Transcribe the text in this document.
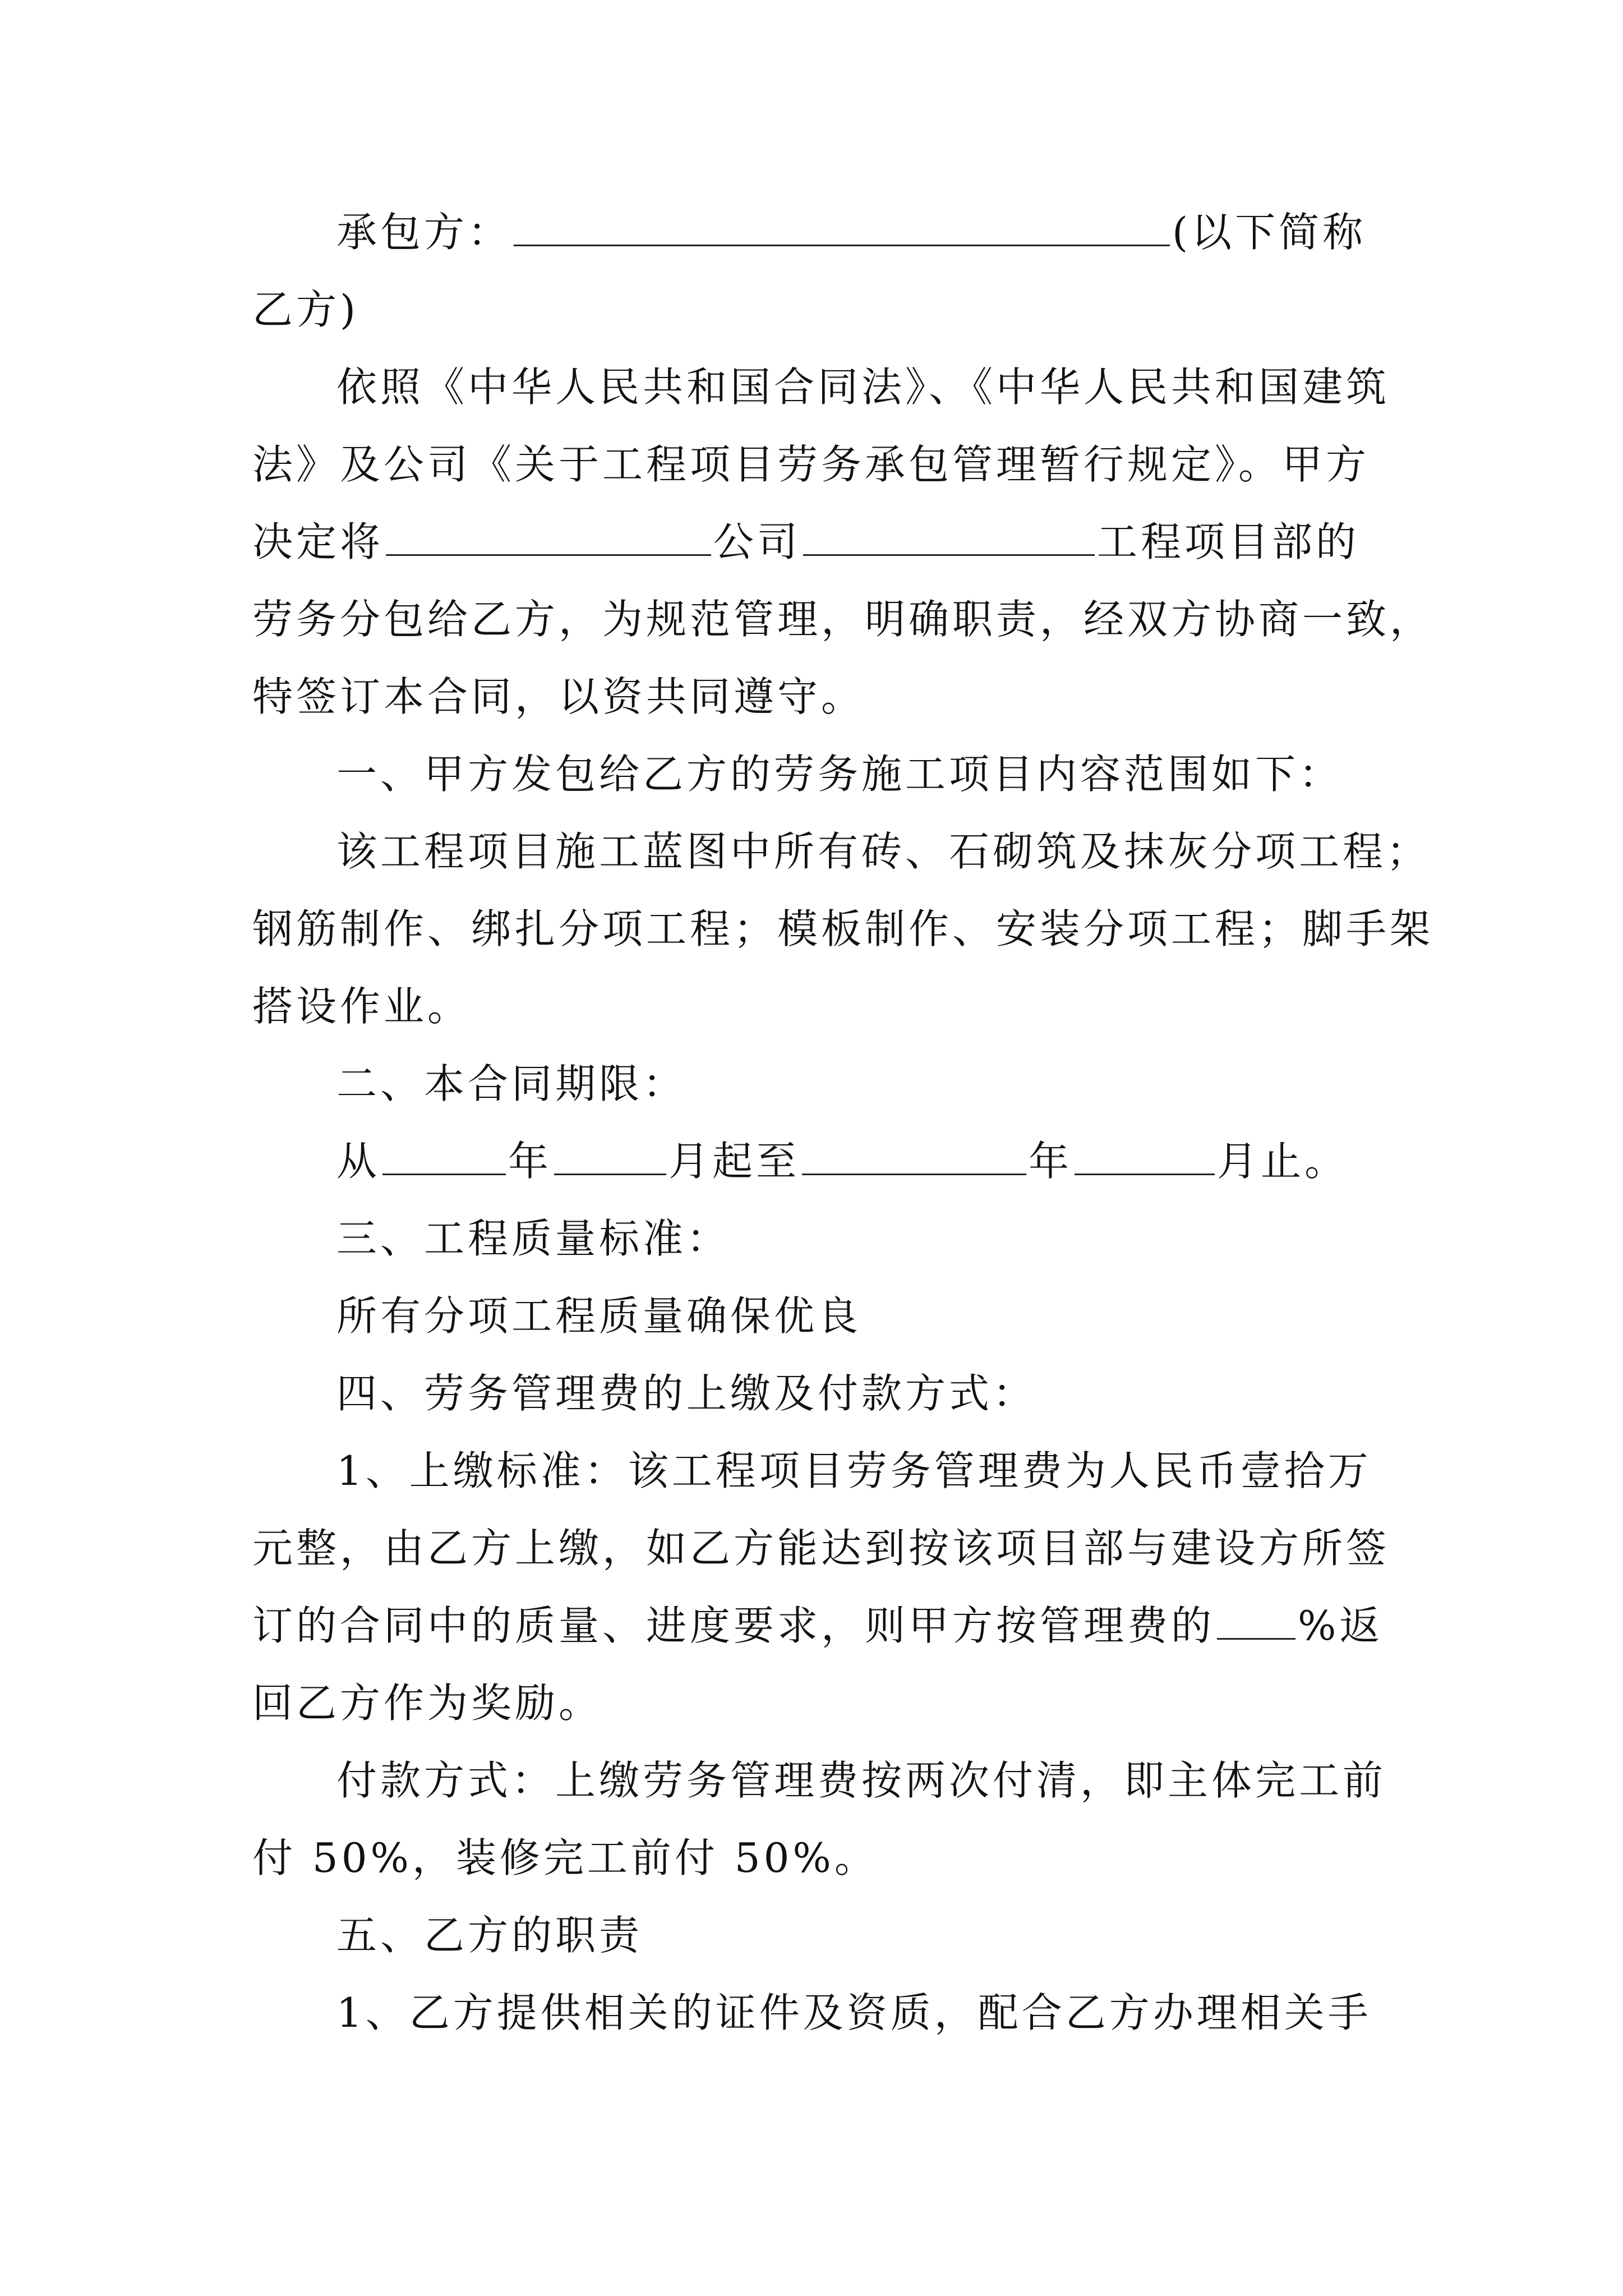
承包方：	(以下简称
乙方)
依照《中华人民共和国合同法》、《中华人民共和国建筑
法》及公司《关于工程项目劳务承包管理暂行规定》。甲方
决定将	公司	工程项目部的
劳务分包给乙方，为规范管理，明确职责，经双方协商一致，
特签订本合同，以资共同遵守。
一、甲方发包给乙方的劳务施工项目内容范围如下：
该工程项目施工蓝图中所有砖、石砌筑及抹灰分项工程；
钢筋制作、绑扎分项工程；模板制作、安装分项工程；脚手架
搭设作业。
二、本合同期限：
从	年	月起至	年	月止。
三、工程质量标准：
所有分项工程质量确保优良
四、劳务管理费的上缴及付款方式：
1、上缴标准：该工程项目劳务管理费为人民币壹拾万
元整，由乙方上缴，如乙方能达到按该项目部与建设方所签
订的合同中的质量、进度要求，则甲方按管理费的 %返
回乙方作为奖励。
付款方式：上缴劳务管理费按两次付清，即主体完工前
付 50%，装修完工前付 50%。
五、乙方的职责
1、乙方提供相关的证件及资质，配合乙方办理相关手
